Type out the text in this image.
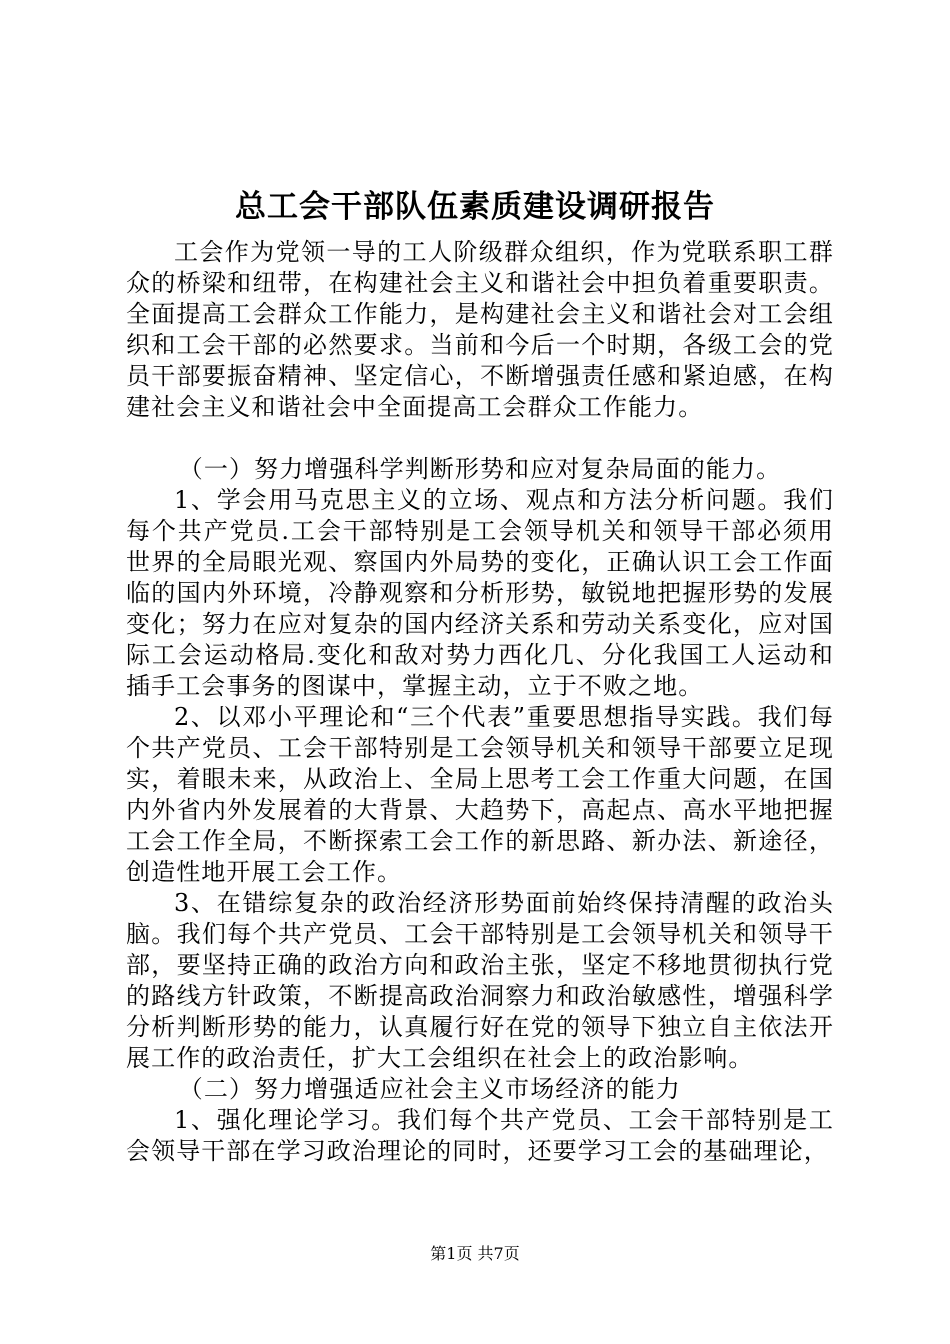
总工会干部队伍素质建设调研报告

工会作为党领一导的工人阶级群众组织，作为党联系职工群众的桥梁和纽带，在构建社会主义和谐社会中担负着重要职责。全面提高工会群众工作能力，是构建社会主义和谐社会对工会组织和工会干部的必然要求。当前和今后一个时期，各级工会的党员干部要振奋精神、坚定信心，不断增强责任感和紧迫感，在构建社会主义和谐社会中全面提高工会群众工作能力。

（一）努力增强科学判断形势和应对复杂局面的能力。

1、学会用马克思主义的立场、观点和方法分析问题。我们每个共产党员.工会干部特别是工会领导机关和领导干部必须用世界的全局眼光观、察国内外局势的变化，正确认识工会工作面临的国内外环境，冷静观察和分析形势，敏锐地把握形势的发展变化；努力在应对复杂的国内经济关系和劳动关系变化，应对国际工会运动格局.变化和敌对势力西化几、分化我国工人运动和插手工会事务的图谋中，掌握主动，立于不败之地。

2、以邓小平理论和“三个代表”重要思想指导实践。我们每个共产党员、工会干部特别是工会领导机关和领导干部要立足现实，着眼未来，从政治上、全局上思考工会工作重大问题，在国内外省内外发展着的大背景、大趋势下，高起点、高水平地把握工会工作全局，不断探索工会工作的新思路、新办法、新途径，创造性地开展工会工作。

3、在错综复杂的政治经济形势面前始终保持清醒的政治头脑。我们每个共产党员、工会干部特别是工会领导机关和领导干部，要坚持正确的政治方向和政治主张，坚定不移地贯彻执行党的路线方针政策，不断提高政治洞察力和政治敏感性，增强科学分析判断形势的能力，认真履行好在党的领导下独立自主依法开展工作的政治责任，扩大工会组织在社会上的政治影响。

（二）努力增强适应社会主义市场经济的能力

1、强化理论学习。我们每个共产党员、工会干部特别是工会领导干部在学习政治理论的同时，还要学习工会的基础理论，

第1页 共7页
